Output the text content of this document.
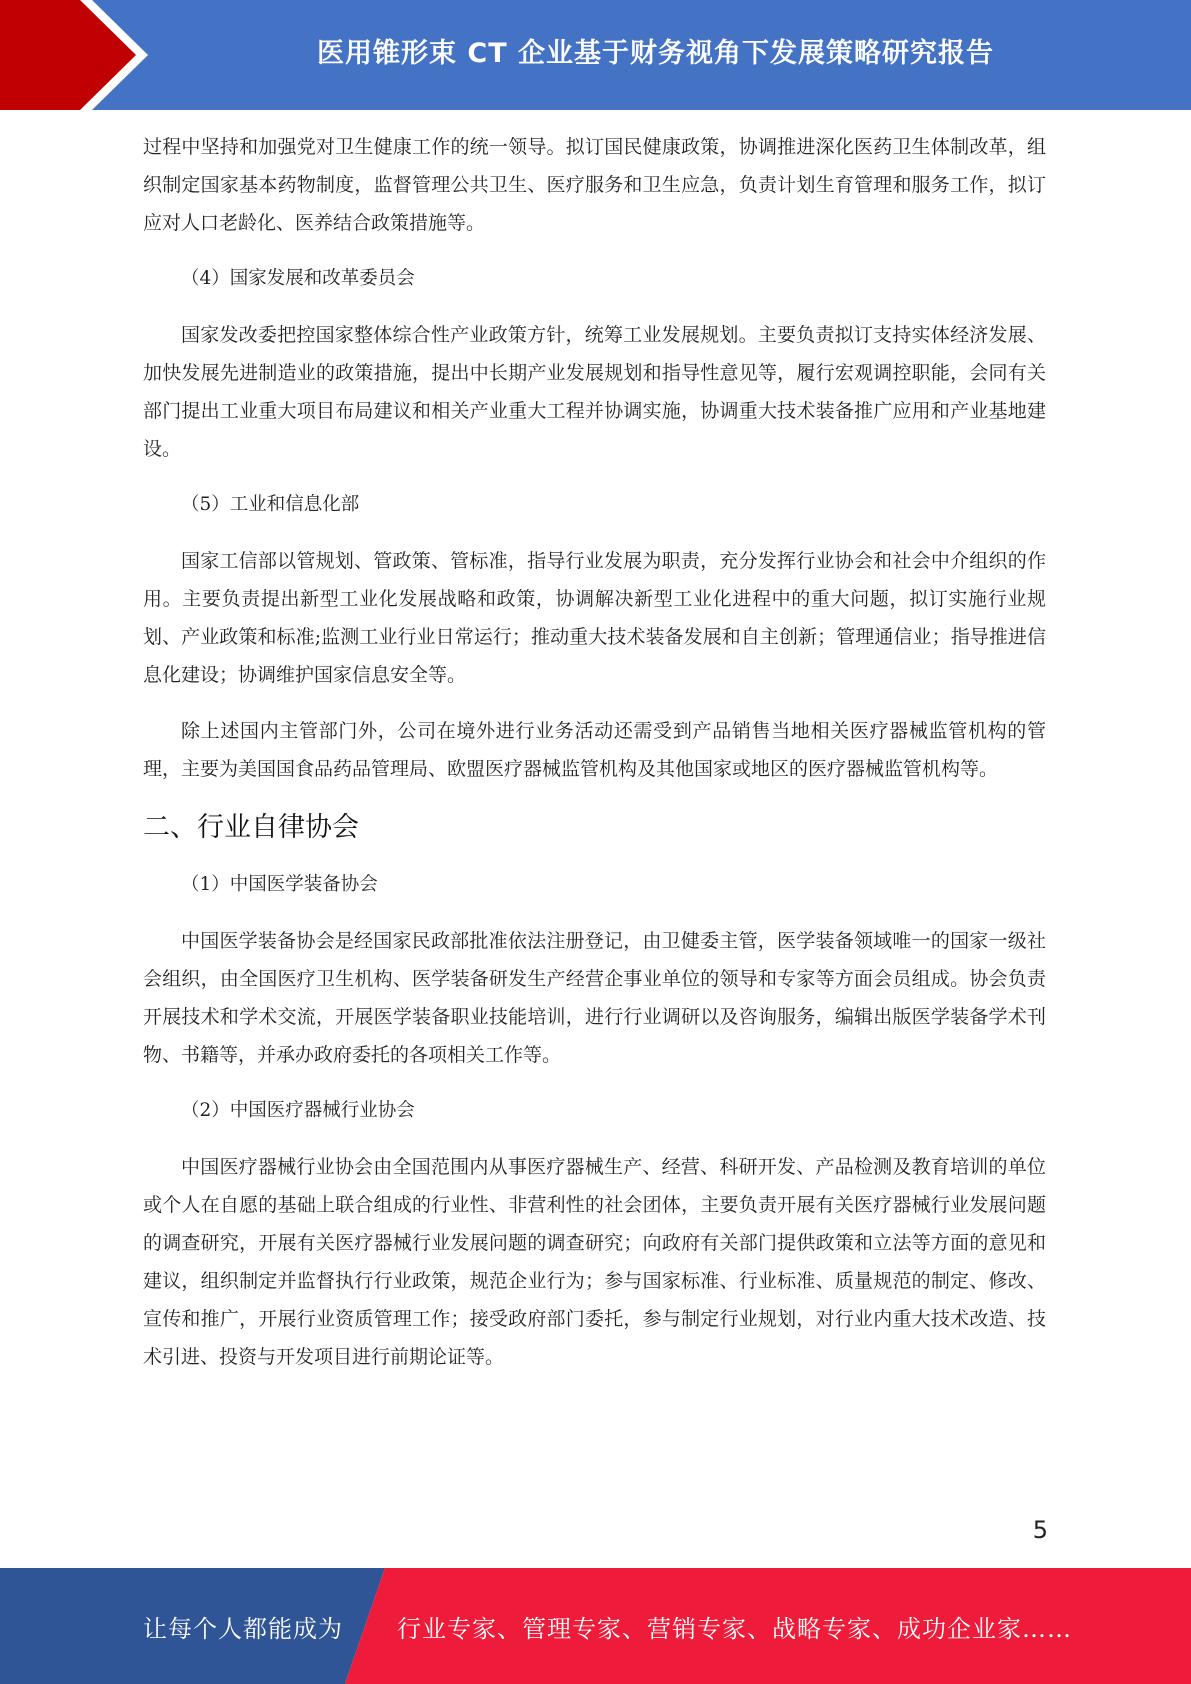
医用锥形束 CT 企业基于财务视角下发展策略研究报告

过程中坚持和加强党对卫生健康工作的统一领导。拟订国民健康政策，协调推进深化医药卫生体制改革，组织制定国家基本药物制度，监督管理公共卫生、医疗服务和卫生应急，负责计划生育管理和服务工作，拟订应对人口老龄化、医养结合政策措施等。

（4）国家发展和改革委员会

国家发改委把控国家整体综合性产业政策方针，统筹工业发展规划。主要负责拟订支持实体经济发展、加快发展先进制造业的政策措施，提出中长期产业发展规划和指导性意见等，履行宏观调控职能，会同有关部门提出工业重大项目布局建议和相关产业重大工程并协调实施，协调重大技术装备推广应用和产业基地建设。

（5）工业和信息化部

国家工信部以管规划、管政策、管标准，指导行业发展为职责，充分发挥行业协会和社会中介组织的作用。主要负责提出新型工业化发展战略和政策，协调解决新型工业化进程中的重大问题，拟订实施行业规划、产业政策和标准;监测工业行业日常运行；推动重大技术装备发展和自主创新；管理通信业；指导推进信息化建设；协调维护国家信息安全等。

除上述国内主管部门外，公司在境外进行业务活动还需受到产品销售当地相关医疗器械监管机构的管理，主要为美国国食品药品管理局、欧盟医疗器械监管机构及其他国家或地区的医疗器械监管机构等。

二、行业自律协会

（1）中国医学装备协会

中国医学装备协会是经国家民政部批准依法注册登记，由卫健委主管，医学装备领域唯一的国家一级社会组织，由全国医疗卫生机构、医学装备研发生产经营企事业单位的领导和专家等方面会员组成。协会负责开展技术和学术交流，开展医学装备职业技能培训，进行行业调研以及咨询服务，编辑出版医学装备学术刊物、书籍等，并承办政府委托的各项相关工作等。

（2）中国医疗器械行业协会

中国医疗器械行业协会由全国范围内从事医疗器械生产、经营、科研开发、产品检测及教育培训的单位或个人在自愿的基础上联合组成的行业性、非营利性的社会团体，主要负责开展有关医疗器械行业发展问题的调查研究，开展有关医疗器械行业发展问题的调查研究；向政府有关部门提供政策和立法等方面的意见和建议，组织制定并监督执行行业政策，规范企业行为；参与国家标准、行业标准、质量规范的制定、修改、宣传和推广，开展行业资质管理工作；接受政府部门委托，参与制定行业规划，对行业内重大技术改造、技术引进、投资与开发项目进行前期论证等。

5
让每个人都能成为 行业专家、管理专家、营销专家、战略专家、成功企业家……
